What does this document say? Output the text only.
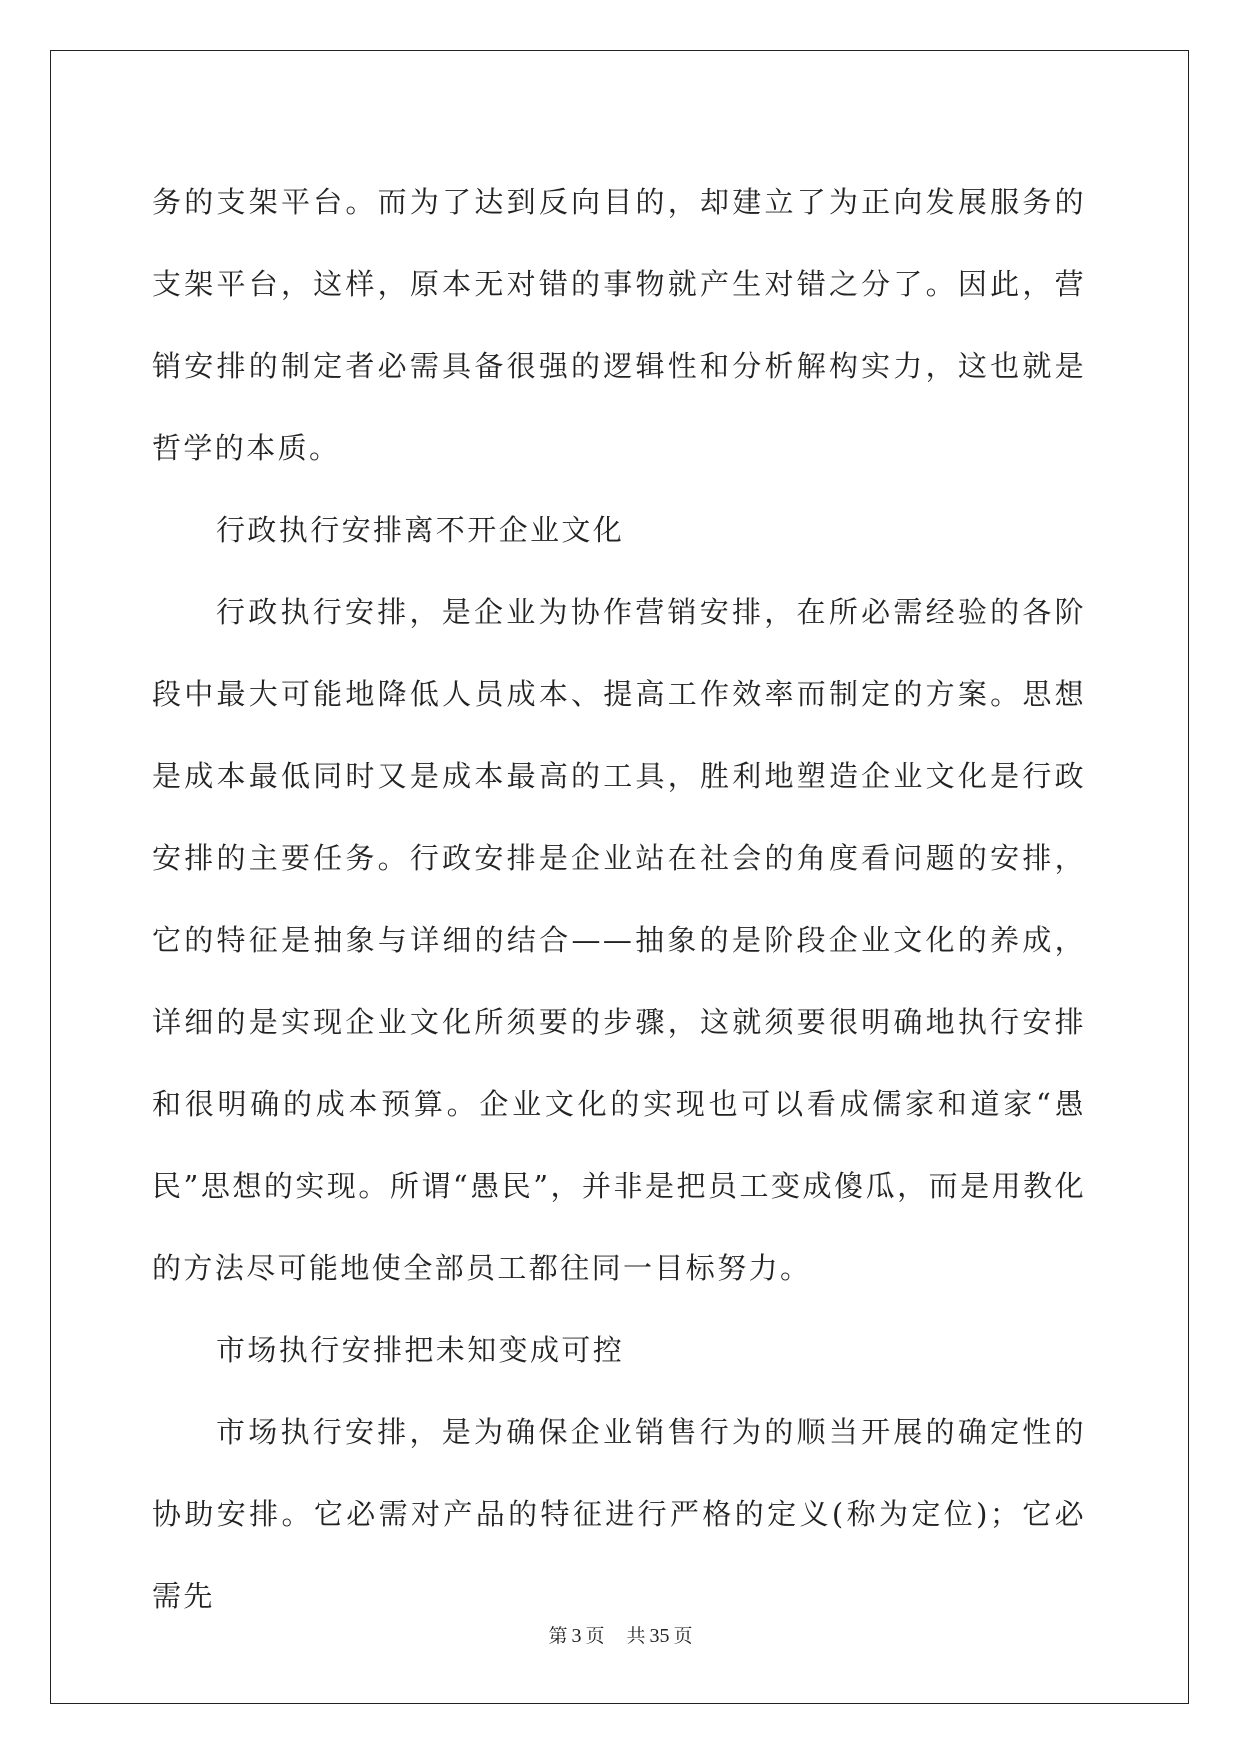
务的支架平台。而为了达到反向目的，却建立了为正向发展服务的支架平台，这样，原本无对错的事物就产生对错之分了。因此，营销安排的制定者必需具备很强的逻辑性和分析解构实力，这也就是哲学的本质。

行政执行安排离不开企业文化

行政执行安排，是企业为协作营销安排，在所必需经验的各阶段中最大可能地降低人员成本、提高工作效率而制定的方案。思想是成本最低同时又是成本最高的工具，胜利地塑造企业文化是行政安排的主要任务。行政安排是企业站在社会的角度看问题的安排，它的特征是抽象与详细的结合——抽象的是阶段企业文化的养成，详细的是实现企业文化所须要的步骤，这就须要很明确地执行安排和很明确的成本预算。企业文化的实现也可以看成儒家和道家“愚民”思想的实现。所谓“愚民”，并非是把员工变成傻瓜，而是用教化的方法尽可能地使全部员工都往同一目标努力。

市场执行安排把未知变成可控

市场执行安排，是为确保企业销售行为的顺当开展的确定性的协助安排。它必需对产品的特征进行严格的定义(称为定位)；它必需先

第 3 页 共 35 页
